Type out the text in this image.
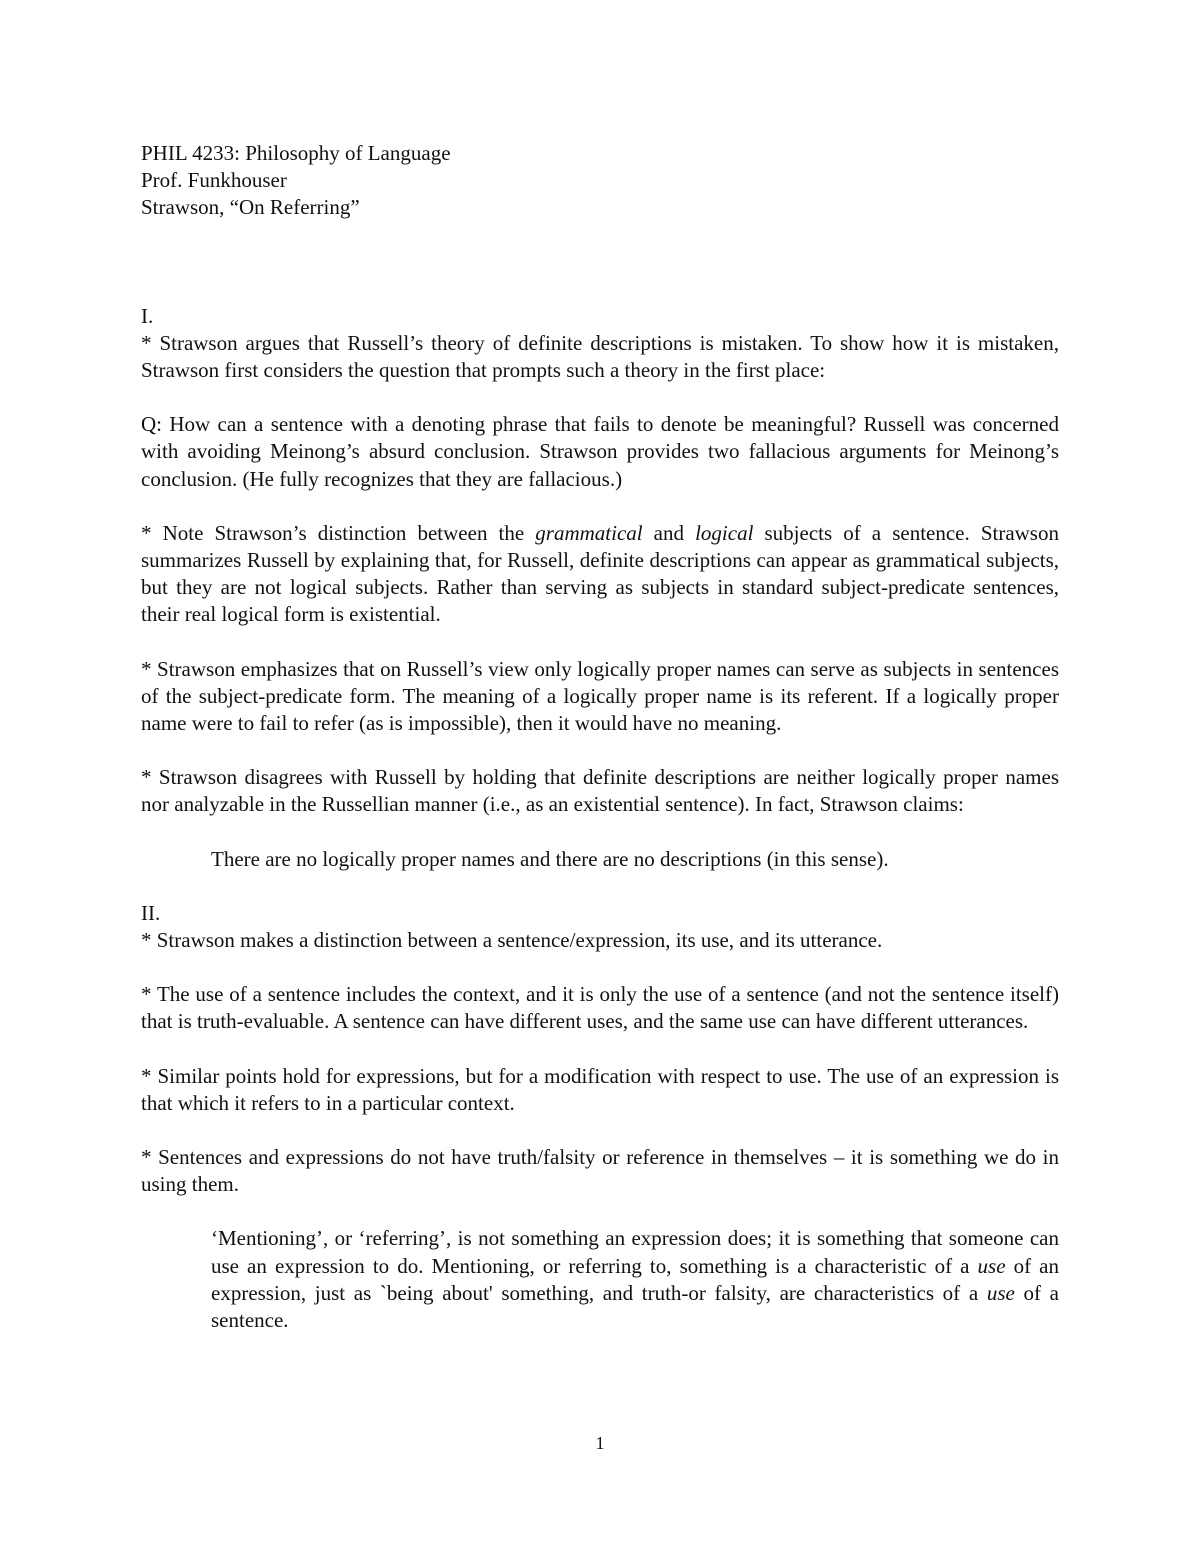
PHIL 4233: Philosophy of Language
Prof. Funkhouser
Strawson, “On Referring”
I.
* Strawson argues that Russell’s theory of definite descriptions is mistaken. To show how it is mistaken, Strawson first considers the question that prompts such a theory in the first place:
Q: How can a sentence with a denoting phrase that fails to denote be meaningful? Russell was concerned with avoiding Meinong’s absurd conclusion. Strawson provides two fallacious arguments for Meinong’s conclusion. (He fully recognizes that they are fallacious.)
* Note Strawson’s distinction between the grammatical and logical subjects of a sentence. Strawson summarizes Russell by explaining that, for Russell, definite descriptions can appear as grammatical subjects, but they are not logical subjects. Rather than serving as subjects in standard subject-predicate sentences, their real logical form is existential.
* Strawson emphasizes that on Russell’s view only logically proper names can serve as subjects in sentences of the subject-predicate form. The meaning of a logically proper name is its referent. If a logically proper name were to fail to refer (as is impossible), then it would have no meaning.
* Strawson disagrees with Russell by holding that definite descriptions are neither logically proper names nor analyzable in the Russellian manner (i.e., as an existential sentence). In fact, Strawson claims:
There are no logically proper names and there are no descriptions (in this sense).
II.
* Strawson makes a distinction between a sentence/expression, its use, and its utterance.
* The use of a sentence includes the context, and it is only the use of a sentence (and not the sentence itself) that is truth-evaluable. A sentence can have different uses, and the same use can have different utterances.
* Similar points hold for expressions, but for a modification with respect to use. The use of an expression is that which it refers to in a particular context.
* Sentences and expressions do not have truth/falsity or reference in themselves – it is something we do in using them.
‘Mentioning’, or ‘referring’, is not something an expression does; it is something that someone can use an expression to do. Mentioning, or referring to, something is a characteristic of a use of an expression, just as `being about' something, and truth-or falsity, are characteristics of a use of a sentence.
1
